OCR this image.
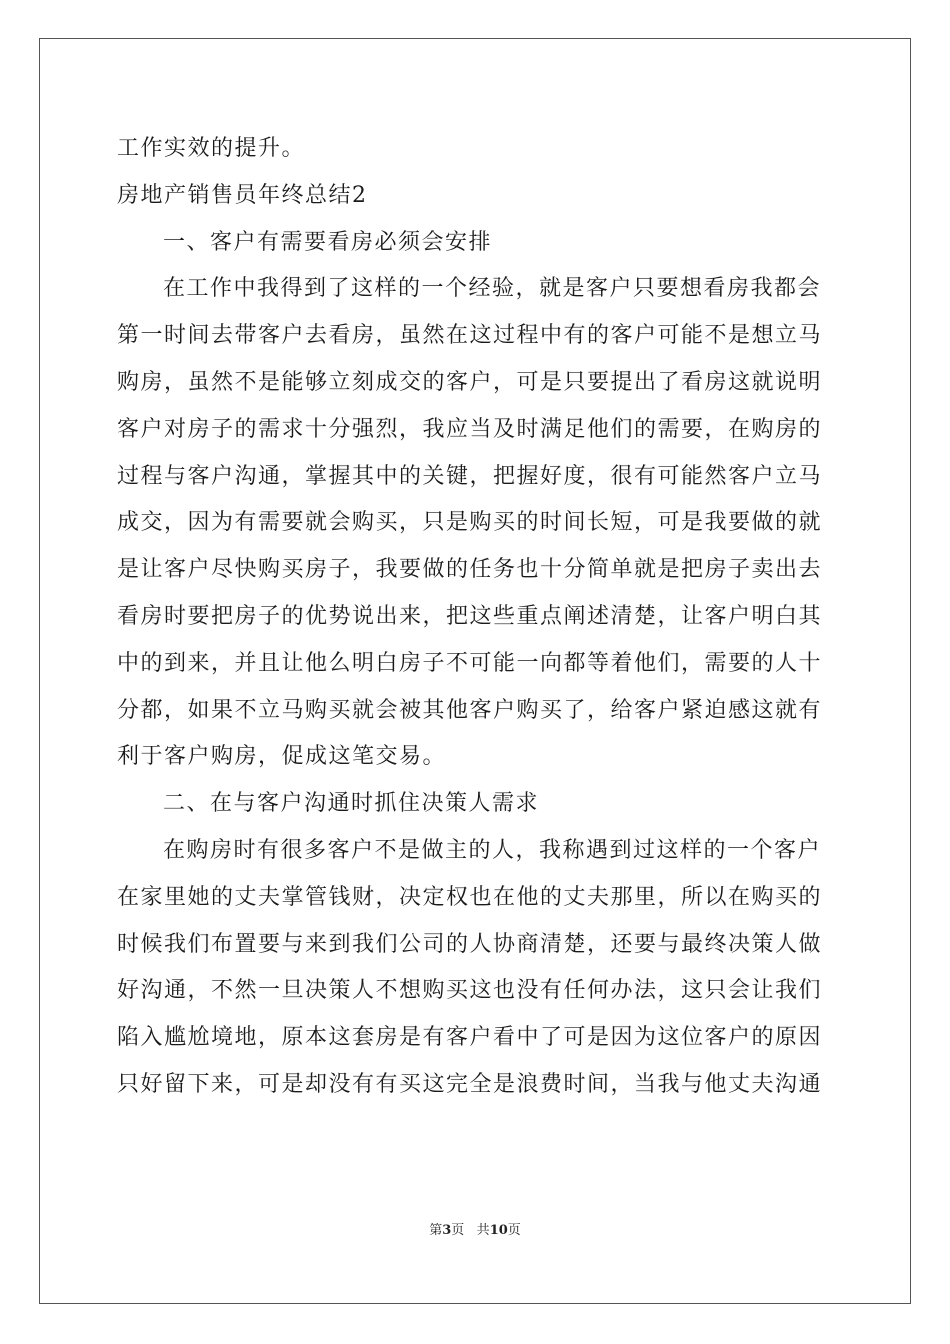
工作实效的提升。
房地产销售员年终总结2
一、客户有需要看房必须会安排
在工作中我得到了这样的一个经验，就是客户只要想看房我都会
第一时间去带客户去看房，虽然在这过程中有的客户可能不是想立马
购房，虽然不是能够立刻成交的客户，可是只要提出了看房这就说明
客户对房子的需求十分强烈，我应当及时满足他们的需要，在购房的
过程与客户沟通，掌握其中的关键，把握好度，很有可能然客户立马
成交，因为有需要就会购买，只是购买的时间长短，可是我要做的就
是让客户尽快购买房子，我要做的任务也十分简单就是把房子卖出去
看房时要把房子的优势说出来，把这些重点阐述清楚，让客户明白其
中的到来，并且让他么明白房子不可能一向都等着他们，需要的人十
分都，如果不立马购买就会被其他客户购买了，给客户紧迫感这就有
利于客户购房，促成这笔交易。
二、在与客户沟通时抓住决策人需求
在购房时有很多客户不是做主的人，我称遇到过这样的一个客户
在家里她的丈夫掌管钱财，决定权也在他的丈夫那里，所以在购买的
时候我们布置要与来到我们公司的人协商清楚，还要与最终决策人做
好沟通，不然一旦决策人不想购买这也没有任何办法，这只会让我们
陷入尴尬境地，原本这套房是有客户看中了可是因为这位客户的原因
只好留下来，可是却没有有买这完全是浪费时间，当我与他丈夫沟通
第3页 共10页
